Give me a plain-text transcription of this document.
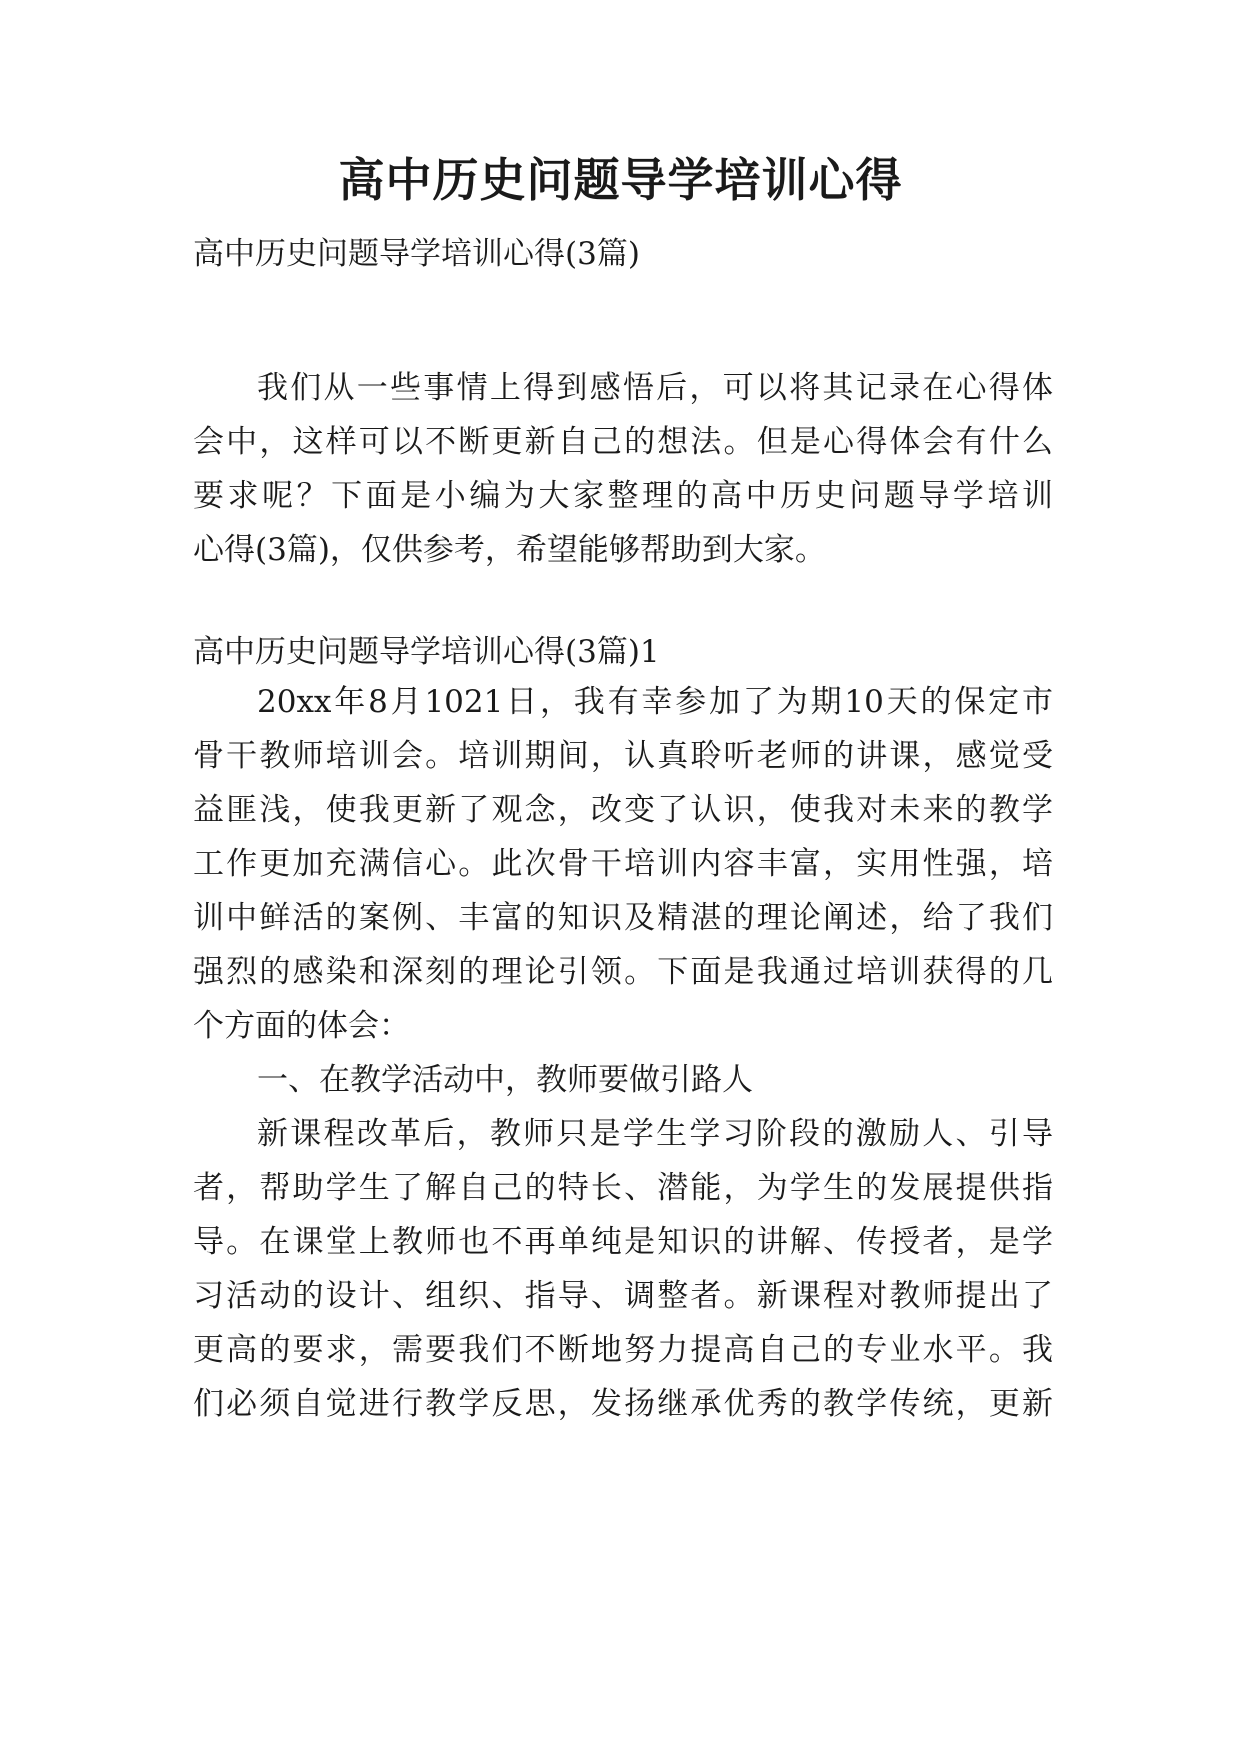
高中历史问题导学培训心得
高中历史问题导学培训心得(3篇)
我们从一些事情上得到感悟后，可以将其记录在心得体
会中，这样可以不断更新自己的想法。但是心得体会有什么
要求呢？下面是小编为大家整理的高中历史问题导学培训
心得(3篇)，仅供参考，希望能够帮助到大家。
高中历史问题导学培训心得(3篇)1
20xx年8月1021日，我有幸参加了为期10天的保定市
骨干教师培训会。培训期间，认真聆听老师的讲课，感觉受
益匪浅，使我更新了观念，改变了认识，使我对未来的教学
工作更加充满信心。此次骨干培训内容丰富，实用性强，培
训中鲜活的案例、丰富的知识及精湛的理论阐述，给了我们
强烈的感染和深刻的理论引领。下面是我通过培训获得的几
个方面的体会：
一、在教学活动中，教师要做引路人
新课程改革后，教师只是学生学习阶段的激励人、引导
者，帮助学生了解自己的特长、潜能，为学生的发展提供指
导。在课堂上教师也不再单纯是知识的讲解、传授者，是学
习活动的设计、组织、指导、调整者。新课程对教师提出了
更高的要求，需要我们不断地努力提高自己的专业水平。我
们必须自觉进行教学反思，发扬继承优秀的教学传统，更新
